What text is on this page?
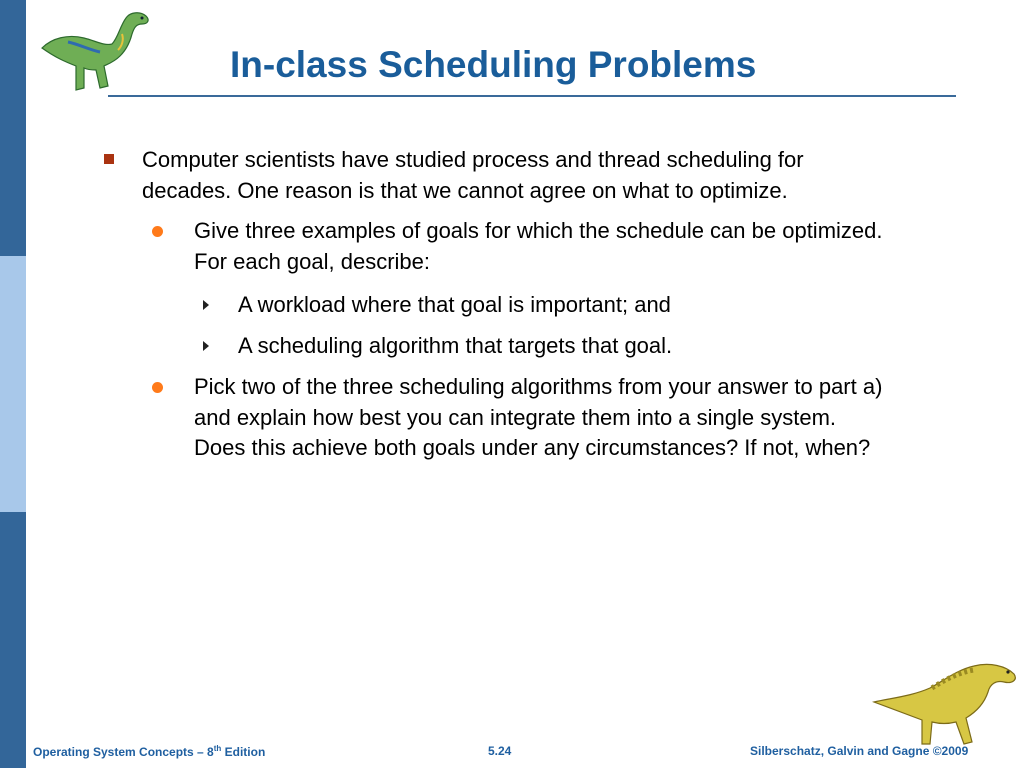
In-class Scheduling Problems
Computer scientists have studied process and thread scheduling for
decades. One reason is that we cannot agree on what to optimize.
Give three examples of goals for which the schedule can be optimized.
For each goal, describe:
A workload where that goal is important; and
A scheduling algorithm that targets that goal.
Pick two of the three scheduling algorithms from your answer to part a)
and explain how best you can integrate them into a single system.
Does this achieve both goals under any circumstances? If not, when?
Operating System Concepts – 8th Edition	5.24	Silberschatz, Galvin and Gagne ©2009
